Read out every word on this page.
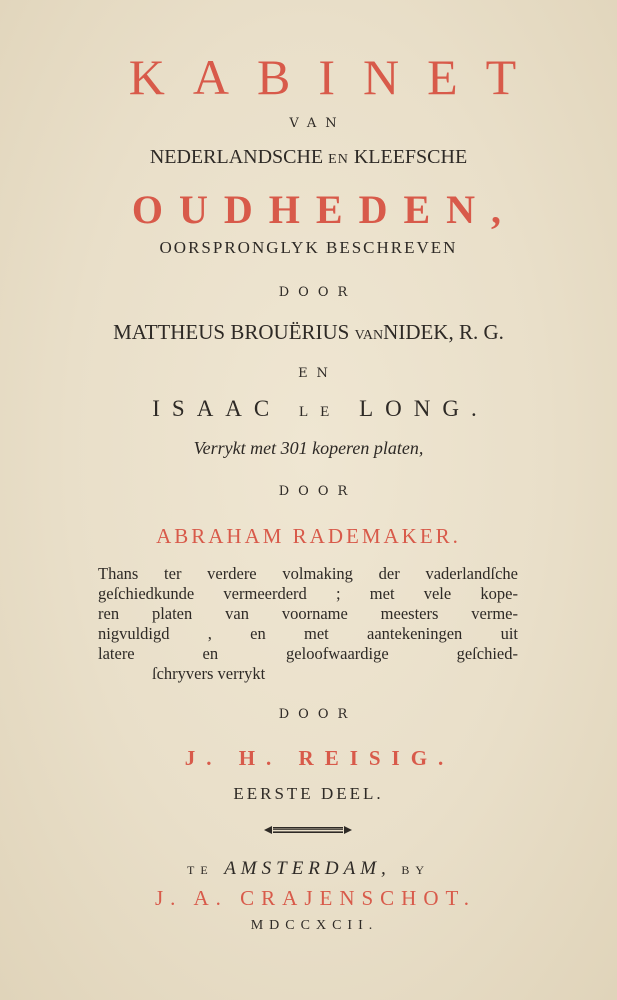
KABINET
VAN
NEDERLANDSCHE EN KLEEFSCHE
OUDHEDEN,
OORSPRONGLYK BESCHREVEN
DOOR
MATTHEUS BROUËRIUS VANNIDEK, R. G.
EN
ISAAC LE LONG.
Verrykt met 301 koperen platen,
DOOR
ABRAHAM RADEMAKER.
Thans ter verdere volmaking der vaderlandſche
geſchiedkunde vermeerderd ; met vele kope-
ren platen van voorname meesters verme-
nigvuldigd , en met aantekeningen uit
latere en geloofwaardige geſchied-
ſchryvers verrykt
DOOR
J. H. REISIG.
EERSTE DEEL.
TE AMSTERDAM, BY
J. A. CRAJENSCHOT.
MDCCXCII.
